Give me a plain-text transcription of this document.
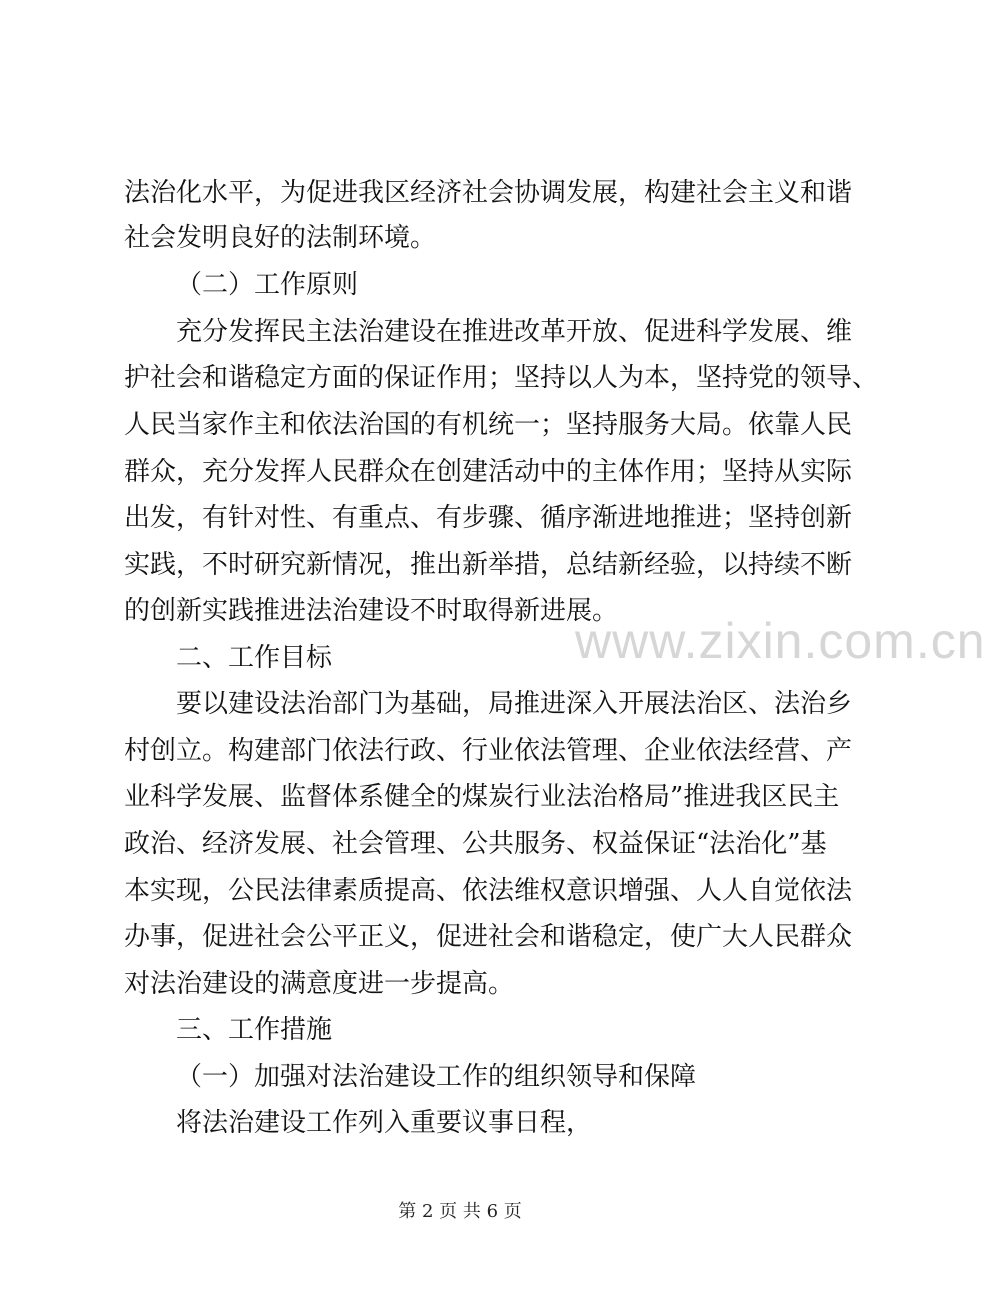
法治化水平，为促进我区经济社会协调发展，构建社会主义和谐
社会发明良好的法制环境。
（二）工作原则
充分发挥民主法治建设在推进改革开放、促进科学发展、维
护社会和谐稳定方面的保证作用；坚持以人为本，坚持党的领导、
人民当家作主和依法治国的有机统一；坚持服务大局。依靠人民
群众，充分发挥人民群众在创建活动中的主体作用；坚持从实际
出发，有针对性、有重点、有步骤、循序渐进地推进；坚持创新
实践，不时研究新情况，推出新举措，总结新经验，以持续不断
的创新实践推进法治建设不时取得新进展。
www.zixin.com.cn
二、工作目标
要以建设法治部门为基础，局推进深入开展法治区、法治乡
村创立。构建部门依法行政、行业依法管理、企业依法经营、产
业科学发展、监督体系健全的煤炭行业法治格局”推进我区民主
政治、经济发展、社会管理、公共服务、权益保证“法治化”基
本实现，公民法律素质提高、依法维权意识增强、人人自觉依法
办事，促进社会公平正义，促进社会和谐稳定，使广大人民群众
对法治建设的满意度进一步提高。
三、工作措施
（一）加强对法治建设工作的组织领导和保障
将法治建设工作列入重要议事日程，
第 2 页 共 6 页
